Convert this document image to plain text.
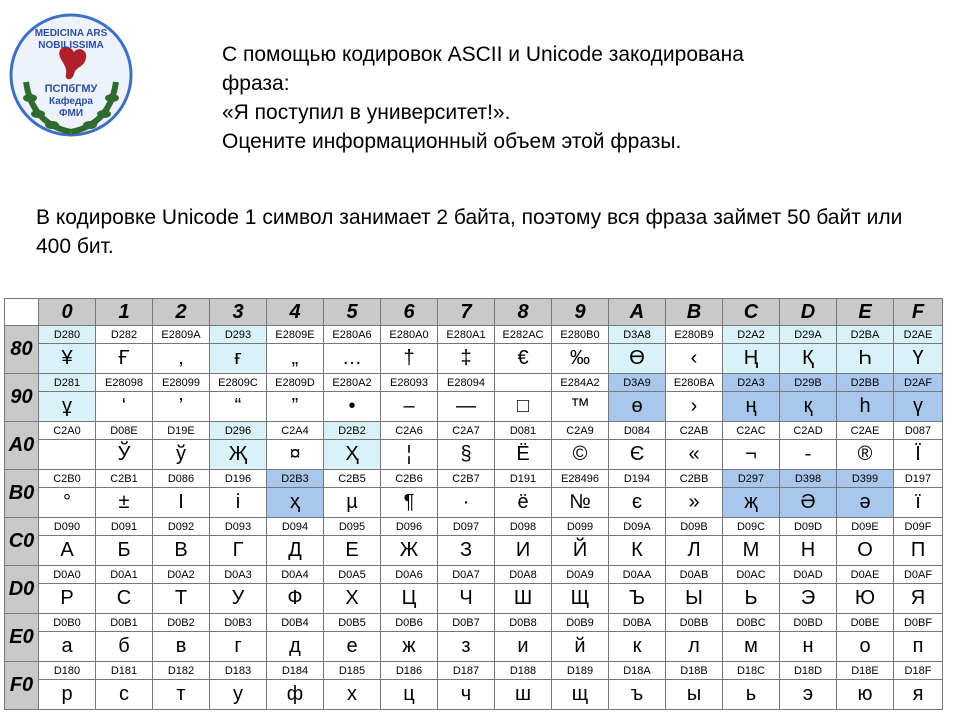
MEDICINA ARS
NOBILISSIMA
ПСПбГМУ
Кафедра
ФМИ
С помощью кодировок ASCII и Unicode закодирована
фраза:
«Я поступил в университет!».
Оцените информационный объем этой фразы.
В кодировке Unicode 1 символ занимает 2 байта, поэтому вся фраза займет 50 байт или 400 бит.
	0	1	2	3	4	5	6	7	8	9	A	B	C	D	E	F
80	D280	D282	E2809A	D293	E2809E	E280A6	E280A0	E280A1	E282AC	E280B0	D3A8	E280B9	D2A2	D29A	D2BA	D2AE
	¥	Ғ	,	ғ	„	…	†	‡	€	‰	Ө	‹	Ң	Қ	Һ	Ү
90	D281	E28098	E28099	E2809C	E2809D	E280A2	E28093	E28094		E284A2	D3A9	E280BA	D2A3	D29B	D2BB	D2AF
	ұ	‘	’	“	”	•	–	—	□	™	ө	›	ң	қ	һ	ү
A0	C2A0	D08E	D19E	D296	C2A4	D2B2	C2A6	C2A7	D081	C2A9	D084	C2AB	C2AC	C2AD	C2AE	D087
		Ў	ў	Җ	¤	Ҳ	¦	§	Ё	©	Є	«	¬	-	®	Ї
B0	C2B0	C2B1	D086	D196	D2B3	C2B5	C2B6	C2B7	D191	E28496	D194	C2BB	D297	D398	D399	D197
	°	±	І	і	ҳ	µ	¶	·	ё	№	є	»	җ	Ә	ә	ї
C0	D090	D091	D092	D093	D094	D095	D096	D097	D098	D099	D09A	D09B	D09C	D09D	D09E	D09F
	А	Б	В	Г	Д	Е	Ж	З	И	Й	К	Л	М	Н	О	П
D0	D0A0	D0A1	D0A2	D0A3	D0A4	D0A5	D0A6	D0A7	D0A8	D0A9	D0AA	D0AB	D0AC	D0AD	D0AE	D0AF
	Р	С	Т	У	Ф	Х	Ц	Ч	Ш	Щ	Ъ	Ы	Ь	Э	Ю	Я
E0	D0B0	D0B1	D0B2	D0B3	D0B4	D0B5	D0B6	D0B7	D0B8	D0B9	D0BA	D0BB	D0BC	D0BD	D0BE	D0BF
	а	б	в	г	д	е	ж	з	и	й	к	л	м	н	о	п
F0	D180	D181	D182	D183	D184	D185	D186	D187	D188	D189	D18A	D18B	D18C	D18D	D18E	D18F
	р	с	т	у	ф	х	ц	ч	ш	щ	ъ	ы	ь	э	ю	я
